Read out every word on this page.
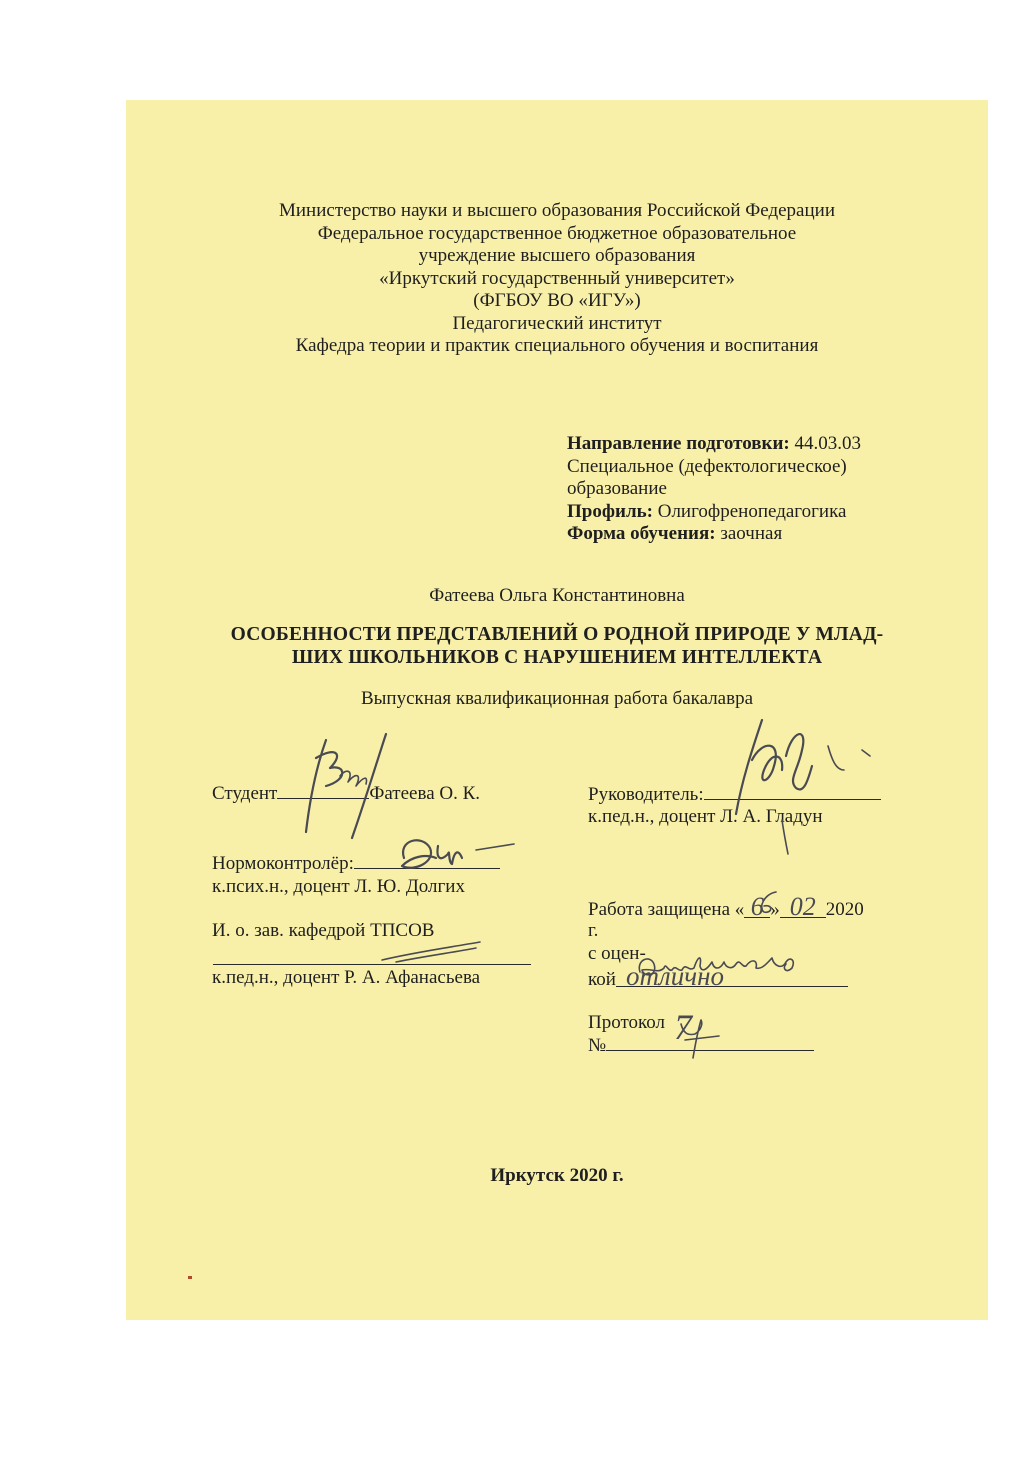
Министерство науки и высшего образования Российской Федерации
Федеральное государственное бюджетное образовательное
учреждение высшего образования
«Иркутский государственный университет»
(ФГБОУ ВО «ИГУ»)
Педагогический институт
Кафедра теории и практик специального обучения и воспитания
Направление подготовки: 44.03.03
Специальное (дефектологическое)
образование
Профиль: Олигофренопедагогика
Форма обучения: заочная
Фатеева Ольга Константиновна
ОСОБЕННОСТИ ПРЕДСТАВЛЕНИЙ О РОДНОЙ ПРИРОДЕ У МЛАД-
ШИХ ШКОЛЬНИКОВ С НАРУШЕНИЕМ ИНТЕЛЛЕКТА
Выпускная квалификационная работа бакалавра
Студент	Фатеева О. К.
Нормоконтролёр:
к.псих.н., доцент Л. Ю. Долгих
И. о. зав. кафедрой ТПСОВ
к.пед.н., доцент Р. А. Афанасьева
Руководитель:
к.пед.н., доцент Л. А. Гладун
Работа защищена « 6 » 02 2020
г.
с оцен-
кой отлично
Протокол
№	7
Иркутск 2020 г.
